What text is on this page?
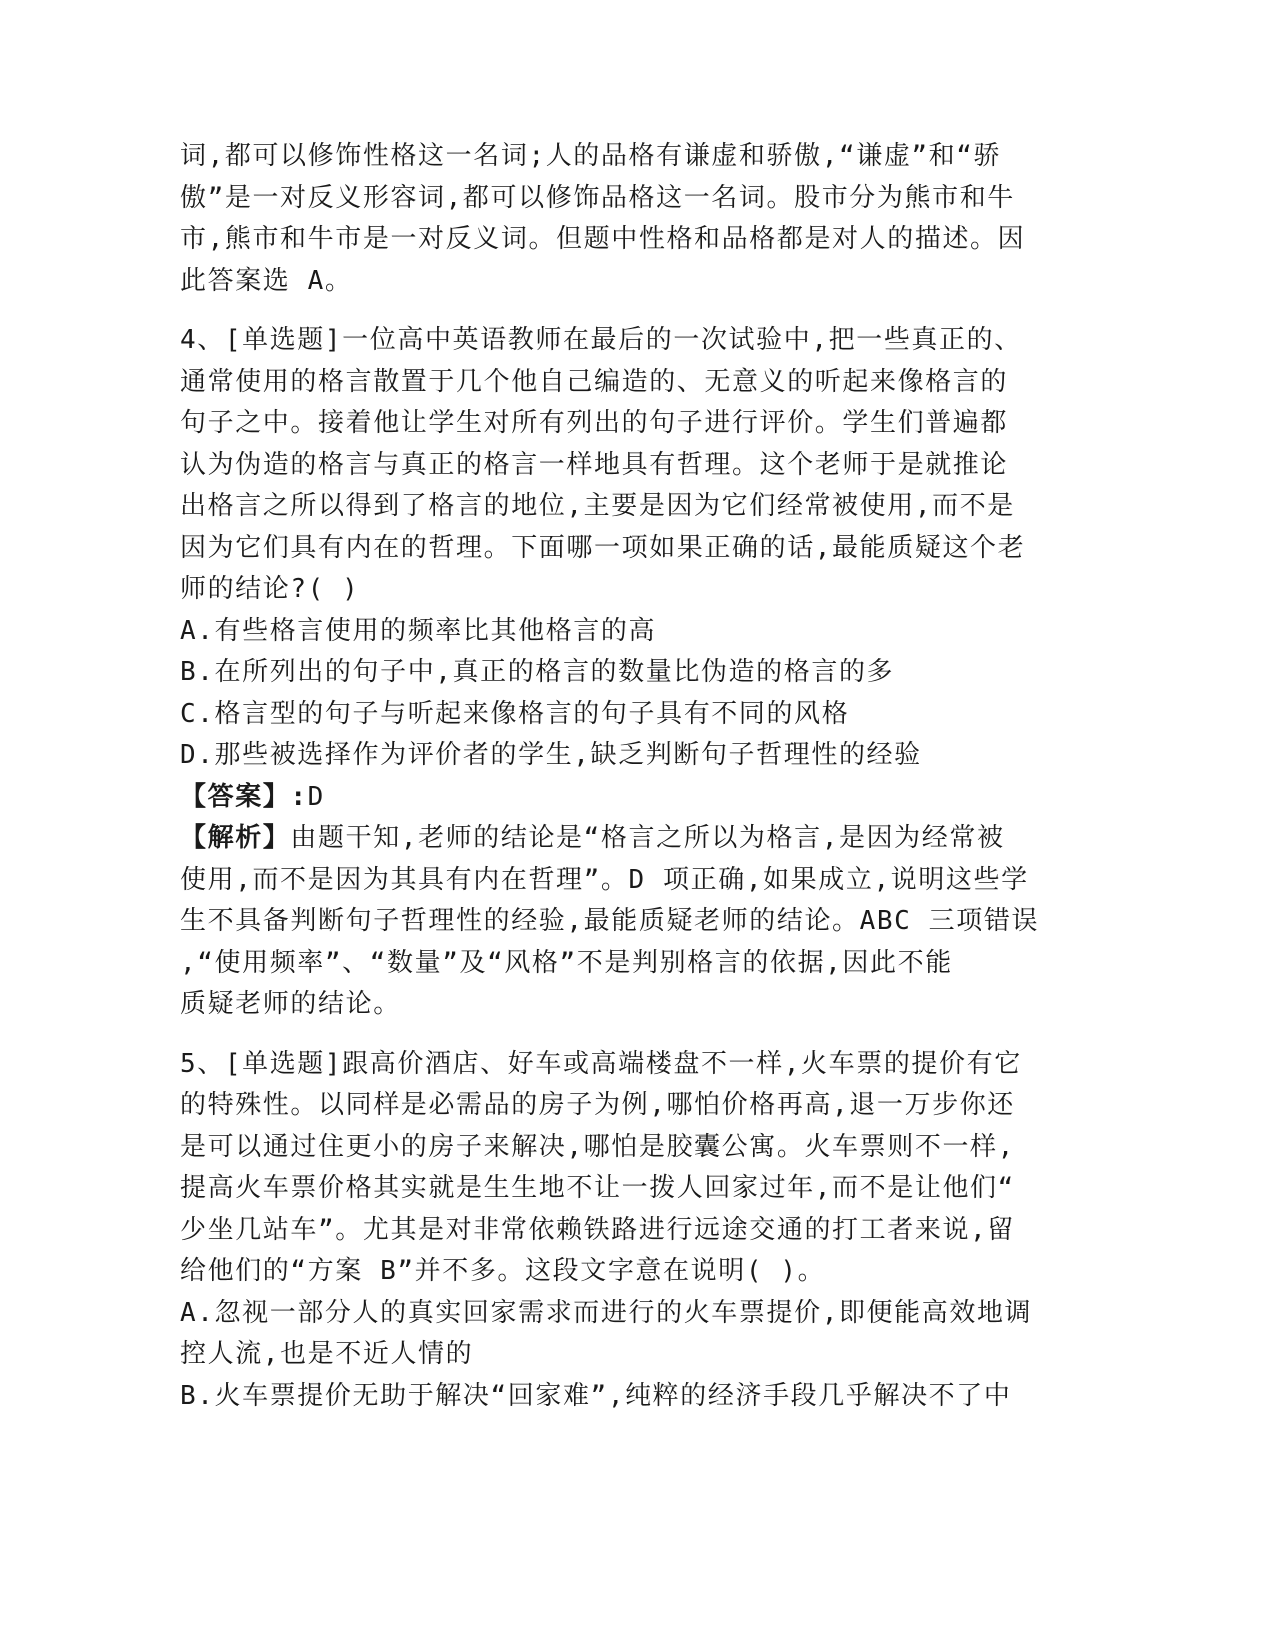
词,都可以修饰性格这一名词;人的品格有谦虚和骄傲,“谦虚”和“骄
傲”是一对反义形容词,都可以修饰品格这一名词。股市分为熊市和牛
市,熊市和牛市是一对反义词。但题中性格和品格都是对人的描述。因
此答案选 A。
4、[单选题]一位高中英语教师在最后的一次试验中,把一些真正的、
通常使用的格言散置于几个他自己编造的、无意义的听起来像格言的
句子之中。接着他让学生对所有列出的句子进行评价。学生们普遍都
认为伪造的格言与真正的格言一样地具有哲理。这个老师于是就推论
出格言之所以得到了格言的地位,主要是因为它们经常被使用,而不是
因为它们具有内在的哲理。下面哪一项如果正确的话,最能质疑这个老
师的结论?( )
A.有些格言使用的频率比其他格言的高
B.在所列出的句子中,真正的格言的数量比伪造的格言的多
C.格言型的句子与听起来像格言的句子具有不同的风格
D.那些被选择作为评价者的学生,缺乏判断句子哲理性的经验
【答案】:D
【解析】由题干知,老师的结论是“格言之所以为格言,是因为经常被
使用,而不是因为其具有内在哲理”。D 项正确,如果成立,说明这些学
生不具备判断句子哲理性的经验,最能质疑老师的结论。ABC 三项错误
,“使用频率”、“数量”及“风格”不是判别格言的依据,因此不能
质疑老师的结论。
5、[单选题]跟高价酒店、好车或高端楼盘不一样,火车票的提价有它
的特殊性。以同样是必需品的房子为例,哪怕价格再高,退一万步你还
是可以通过住更小的房子来解决,哪怕是胶囊公寓。火车票则不一样,
提高火车票价格其实就是生生地不让一拨人回家过年,而不是让他们“
少坐几站车”。尤其是对非常依赖铁路进行远途交通的打工者来说,留
给他们的“方案 B”并不多。这段文字意在说明( )。
A.忽视一部分人的真实回家需求而进行的火车票提价,即便能高效地调
控人流,也是不近人情的
B.火车票提价无助于解决“回家难”,纯粹的经济手段几乎解决不了中
